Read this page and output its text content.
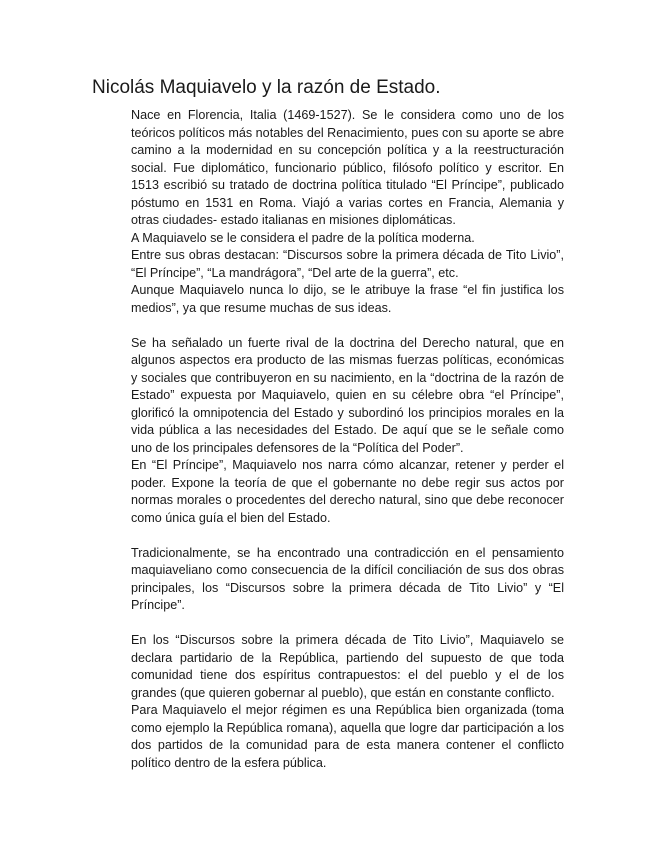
Nicolás Maquiavelo y la razón de Estado.

Nace en Florencia, Italia (1469-1527). Se le considera como uno de los teóricos políticos más notables del Renacimiento, pues con su aporte se abre camino a la modernidad en su concepción política y a la reestructuración social. Fue diplomático, funcionario público, filósofo político y escritor. En 1513 escribió su tratado de doctrina política titulado “El Príncipe”, publicado póstumo en 1531 en Roma. Viajó a varias cortes en Francia, Alemania y otras ciudades- estado italianas en misiones diplomáticas.

A Maquiavelo se le considera el padre de la política moderna.

Entre sus obras destacan: “Discursos sobre la primera década de Tito Livio”, “El Príncipe”, “La mandrágora”, “Del arte de la guerra”, etc.

Aunque Maquiavelo nunca lo dijo, se le atribuye la frase “el fin justifica los medios”, ya que resume muchas de sus ideas.

Se ha señalado un fuerte rival de la doctrina del Derecho natural, que en algunos aspectos era producto de las mismas fuerzas políticas, económicas y sociales que contribuyeron en su nacimiento, en la “doctrina de la razón de Estado” expuesta por Maquiavelo, quien en su célebre obra “el Príncipe”, glorificó la omnipotencia del Estado y subordinó los principios morales en la vida pública a las necesidades del Estado. De aquí que se le señale como uno de los principales defensores de la “Política del Poder”.

En “El Príncipe”, Maquiavelo nos narra cómo alcanzar, retener y perder el poder. Expone la teoría de que el gobernante no debe regir sus actos por normas morales o procedentes del derecho natural, sino que debe reconocer como única guía el bien del Estado.

Tradicionalmente, se ha encontrado una contradicción en el pensamiento maquiaveliano como consecuencia de la difícil conciliación de sus dos obras principales, los “Discursos sobre la primera década de Tito Livio” y “El Príncipe”.

En los “Discursos sobre la primera década de Tito Livio”, Maquiavelo se declara partidario de la República, partiendo del supuesto de que toda comunidad tiene dos espíritus contrapuestos: el del pueblo y el de los grandes (que quieren gobernar al pueblo), que están en constante conflicto.

Para Maquiavelo el mejor régimen es una República bien organizada (toma como ejemplo la República romana), aquella que logre dar participación a los dos partidos de la comunidad para de esta manera contener el conflicto político dentro de la esfera pública.
